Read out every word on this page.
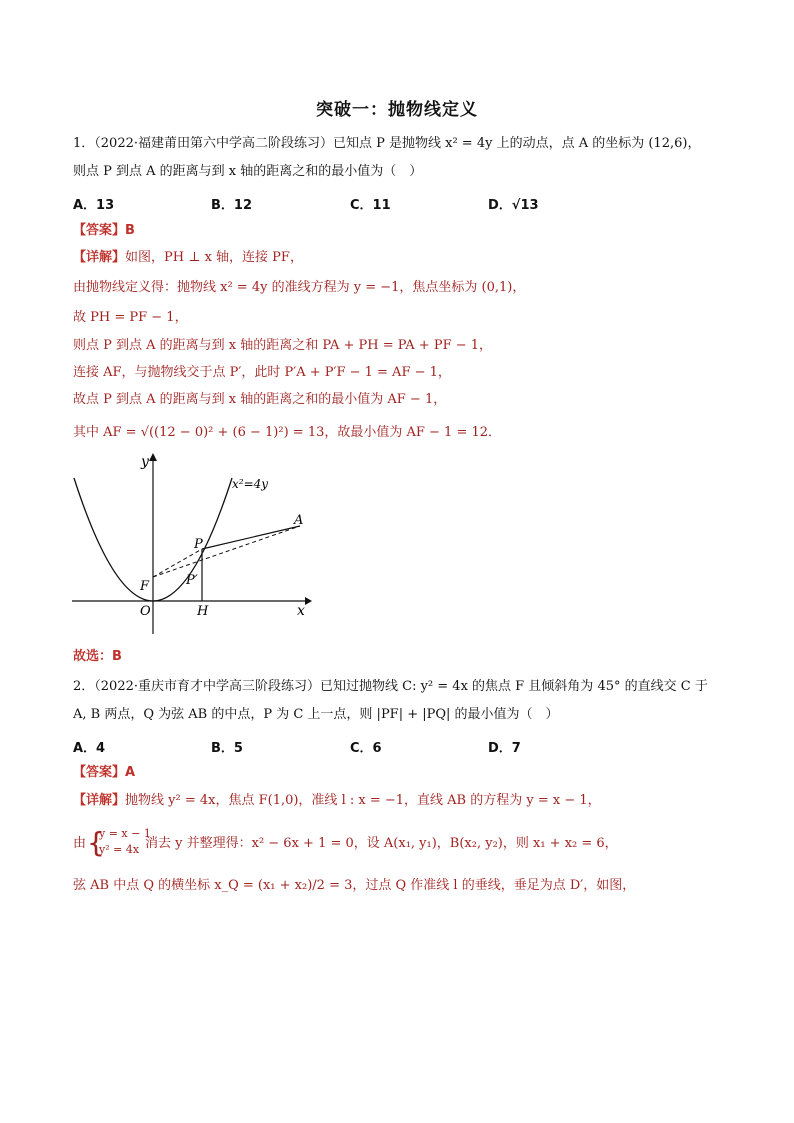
突破一：抛物线定义
1．（2022·福建莆田第六中学高二阶段练习）已知点 P 是抛物线 x² = 4y 上的动点，点 A 的坐标为 (12,6)，
则点 P 到点 A 的距离与到 x 轴的距离之和的最小值为（　）
A．13	B．12	C．11	D．√13
【答案】B
【详解】如图，PH ⊥ x 轴，连接 PF，
由抛物线定义得：抛物线 x² = 4y 的准线方程为 y = −1，焦点坐标为 (0,1)，
故 PH = PF − 1，
则点 P 到点 A 的距离与到 x 轴的距离之和 PA + PH = PA + PF − 1，
连接 AF，与抛物线交于点 P′，此时 P′A + P′F − 1 = AF − 1，
故点 P 到点 A 的距离与到 x 轴的距离之和的最小值为 AF − 1，
其中 AF = √((12 − 0)² + (6 − 1)²) = 13，故最小值为 AF − 1 = 12．
y
x
x²=4y
A
P
P′
F
O	H
故选：B
2．（2022·重庆市育才中学高三阶段练习）已知过抛物线 C: y² = 4x 的焦点 F 且倾斜角为 45° 的直线交 C 于
A, B 两点，Q 为弦 AB 的中点，P 为 C 上一点，则 |PF| + |PQ| 的最小值为（　）
A．4	B．5	C．6	D．7
【答案】A
【详解】抛物线 y² = 4x，焦点 F(1,0)，准线 l : x = −1，直线 AB 的方程为 y = x − 1，
由 {
y = x − 1
y² = 4x 消去 y 并整理得：x² − 6x + 1 = 0，设 A(x₁, y₁)，B(x₂, y₂)，则 x₁ + x₂ = 6，
弦 AB 中点 Q 的横坐标 x_Q = (x₁ + x₂)/2 = 3，过点 Q 作准线 l 的垂线，垂足为点 D′，如图，
